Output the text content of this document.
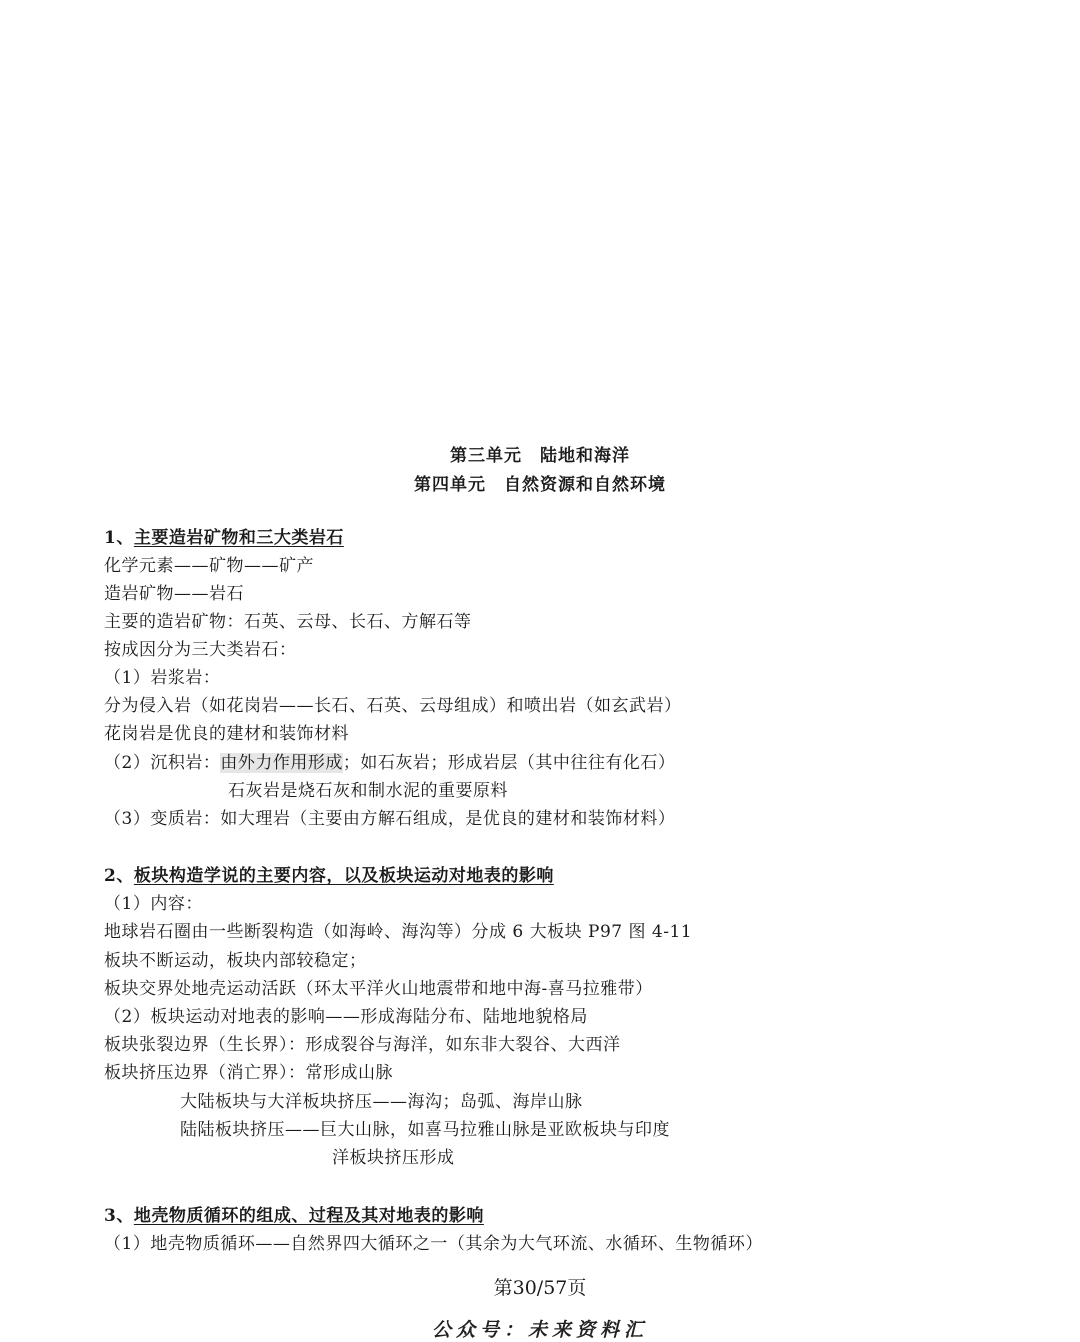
第三单元　陆地和海洋
第四单元　自然资源和自然环境
1、主要造岩矿物和三大类岩石
化学元素——矿物——矿产
造岩矿物——岩石
主要的造岩矿物：石英、云母、长石、方解石等
按成因分为三大类岩石：
（1）岩浆岩：
分为侵入岩（如花岗岩——长石、石英、云母组成）和喷出岩（如玄武岩）
花岗岩是优良的建材和装饰材料
（2）沉积岩：由外力作用形成；如石灰岩；形成岩层（其中往往有化石）
石灰岩是烧石灰和制水泥的重要原料
（3）变质岩：如大理岩（主要由方解石组成，是优良的建材和装饰材料）
2、板块构造学说的主要内容，以及板块运动对地表的影响
（1）内容：
地球岩石圈由一些断裂构造（如海岭、海沟等）分成 6 大板块 P97 图 4-11
板块不断运动，板块内部较稳定；
板块交界处地壳运动活跃（环太平洋火山地震带和地中海-喜马拉雅带）
（2）板块运动对地表的影响——形成海陆分布、陆地地貌格局
板块张裂边界（生长界）：形成裂谷与海洋，如东非大裂谷、大西洋
板块挤压边界（消亡界）：常形成山脉
大陆板块与大洋板块挤压——海沟；岛弧、海岸山脉
陆陆板块挤压——巨大山脉，如喜马拉雅山脉是亚欧板块与印度
洋板块挤压形成
3、地壳物质循环的组成、过程及其对地表的影响
（1）地壳物质循环——自然界四大循环之一（其余为大气环流、水循环、生物循环）
第30/57页
公众号：未来资料汇
